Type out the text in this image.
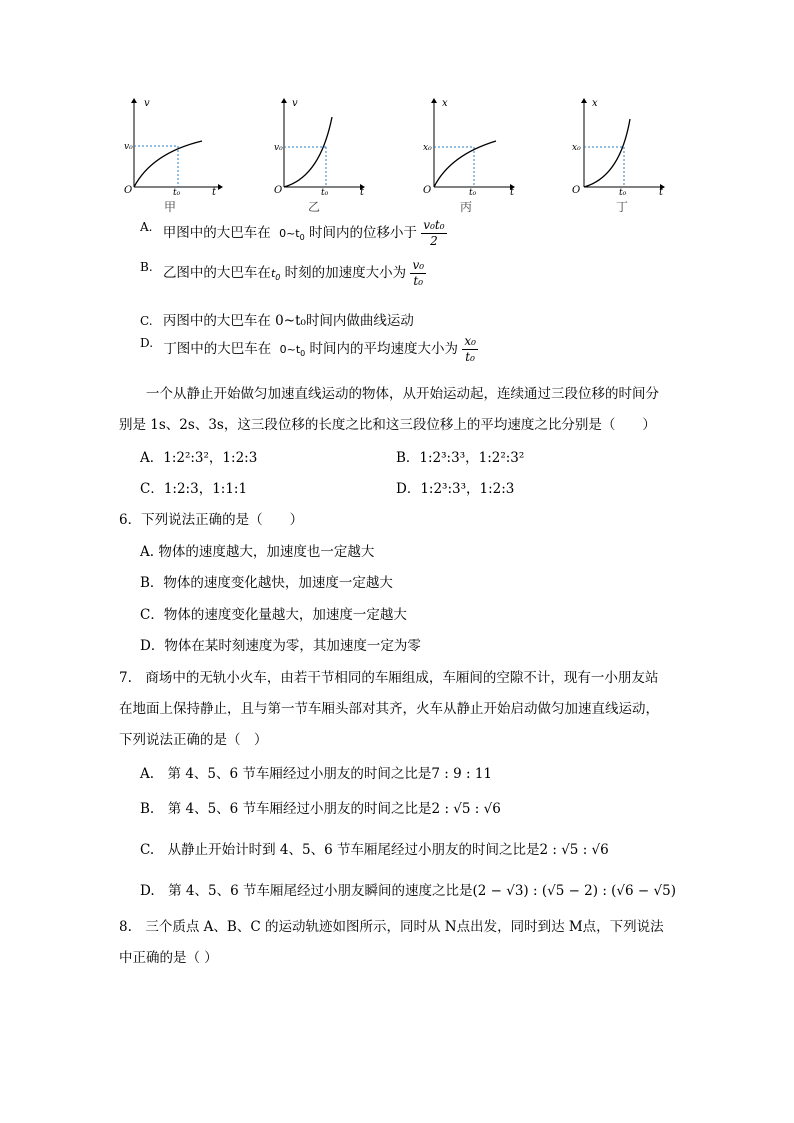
v
v₀
O	t₀	t
甲
v
v₀
O	t₀	t
乙
x
x₀
O	t₀	t
丙
x
x₀
O	t₀	t
丁
A. 甲图中的大巴车在 $0\sim t_0$ 时间内的位移小于 $\frac{\text{v₀t₀}}{2}$
B. 乙图中的大巴车在$t_0$ 时刻的加速度大小为 $\frac{\text{v₀}}{\text{t₀}}$
C. 丙图中的大巴车在 0~t₀时间内做曲线运动
D. 丁图中的大巴车在 $0\sim t_0$ 时间内的平均速度大小为 $\frac{\text{x₀}}{\text{t₀}}$
一个从静止开始做匀加速直线运动的物体，从开始运动起，连续通过三段位移的时间分
别是 1s、2s、3s，这三段位移的长度之比和这三段位移上的平均速度之比分别是（　　）
A．1:2²:3²，1:2:3	B．1:2³:3³，1:2²:3²
C．1:2:3，1:1:1	D．1:2³:3³，1:2:3
6．下列说法正确的是（　　）
A. 物体的速度越大，加速度也一定越大
B．物体的速度变化越快，加速度一定越大
C．物体的速度变化量越大，加速度一定越大
D．物体在某时刻速度为零，其加速度一定为零
7.　商场中的无轨小火车，由若干节相同的车厢组成，车厢间的空隙不计，现有一小朋友站
在地面上保持静止，且与第一节车厢头部对其齐，火车从静止开始启动做匀加速直线运动，
下列说法正确的是（　）
A.　第 4、5、6 节车厢经过小朋友的时间之比是7 : 9 : 11
B.　第 4、5、6 节车厢经过小朋友的时间之比是2 : √5 : √6
C.　从静止开始计时到 4、5、6 节车厢尾经过小朋友的时间之比是2 : √5 : √6
D.　第 4、5、6 节车厢尾经过小朋友瞬间的速度之比是(2 − √3) : (√5 − 2) : (√6 − √5)
8.　三个质点 A、B、C 的运动轨迹如图所示，同时从 N点出发，同时到达 M点，下列说法
中正确的是（ ）
